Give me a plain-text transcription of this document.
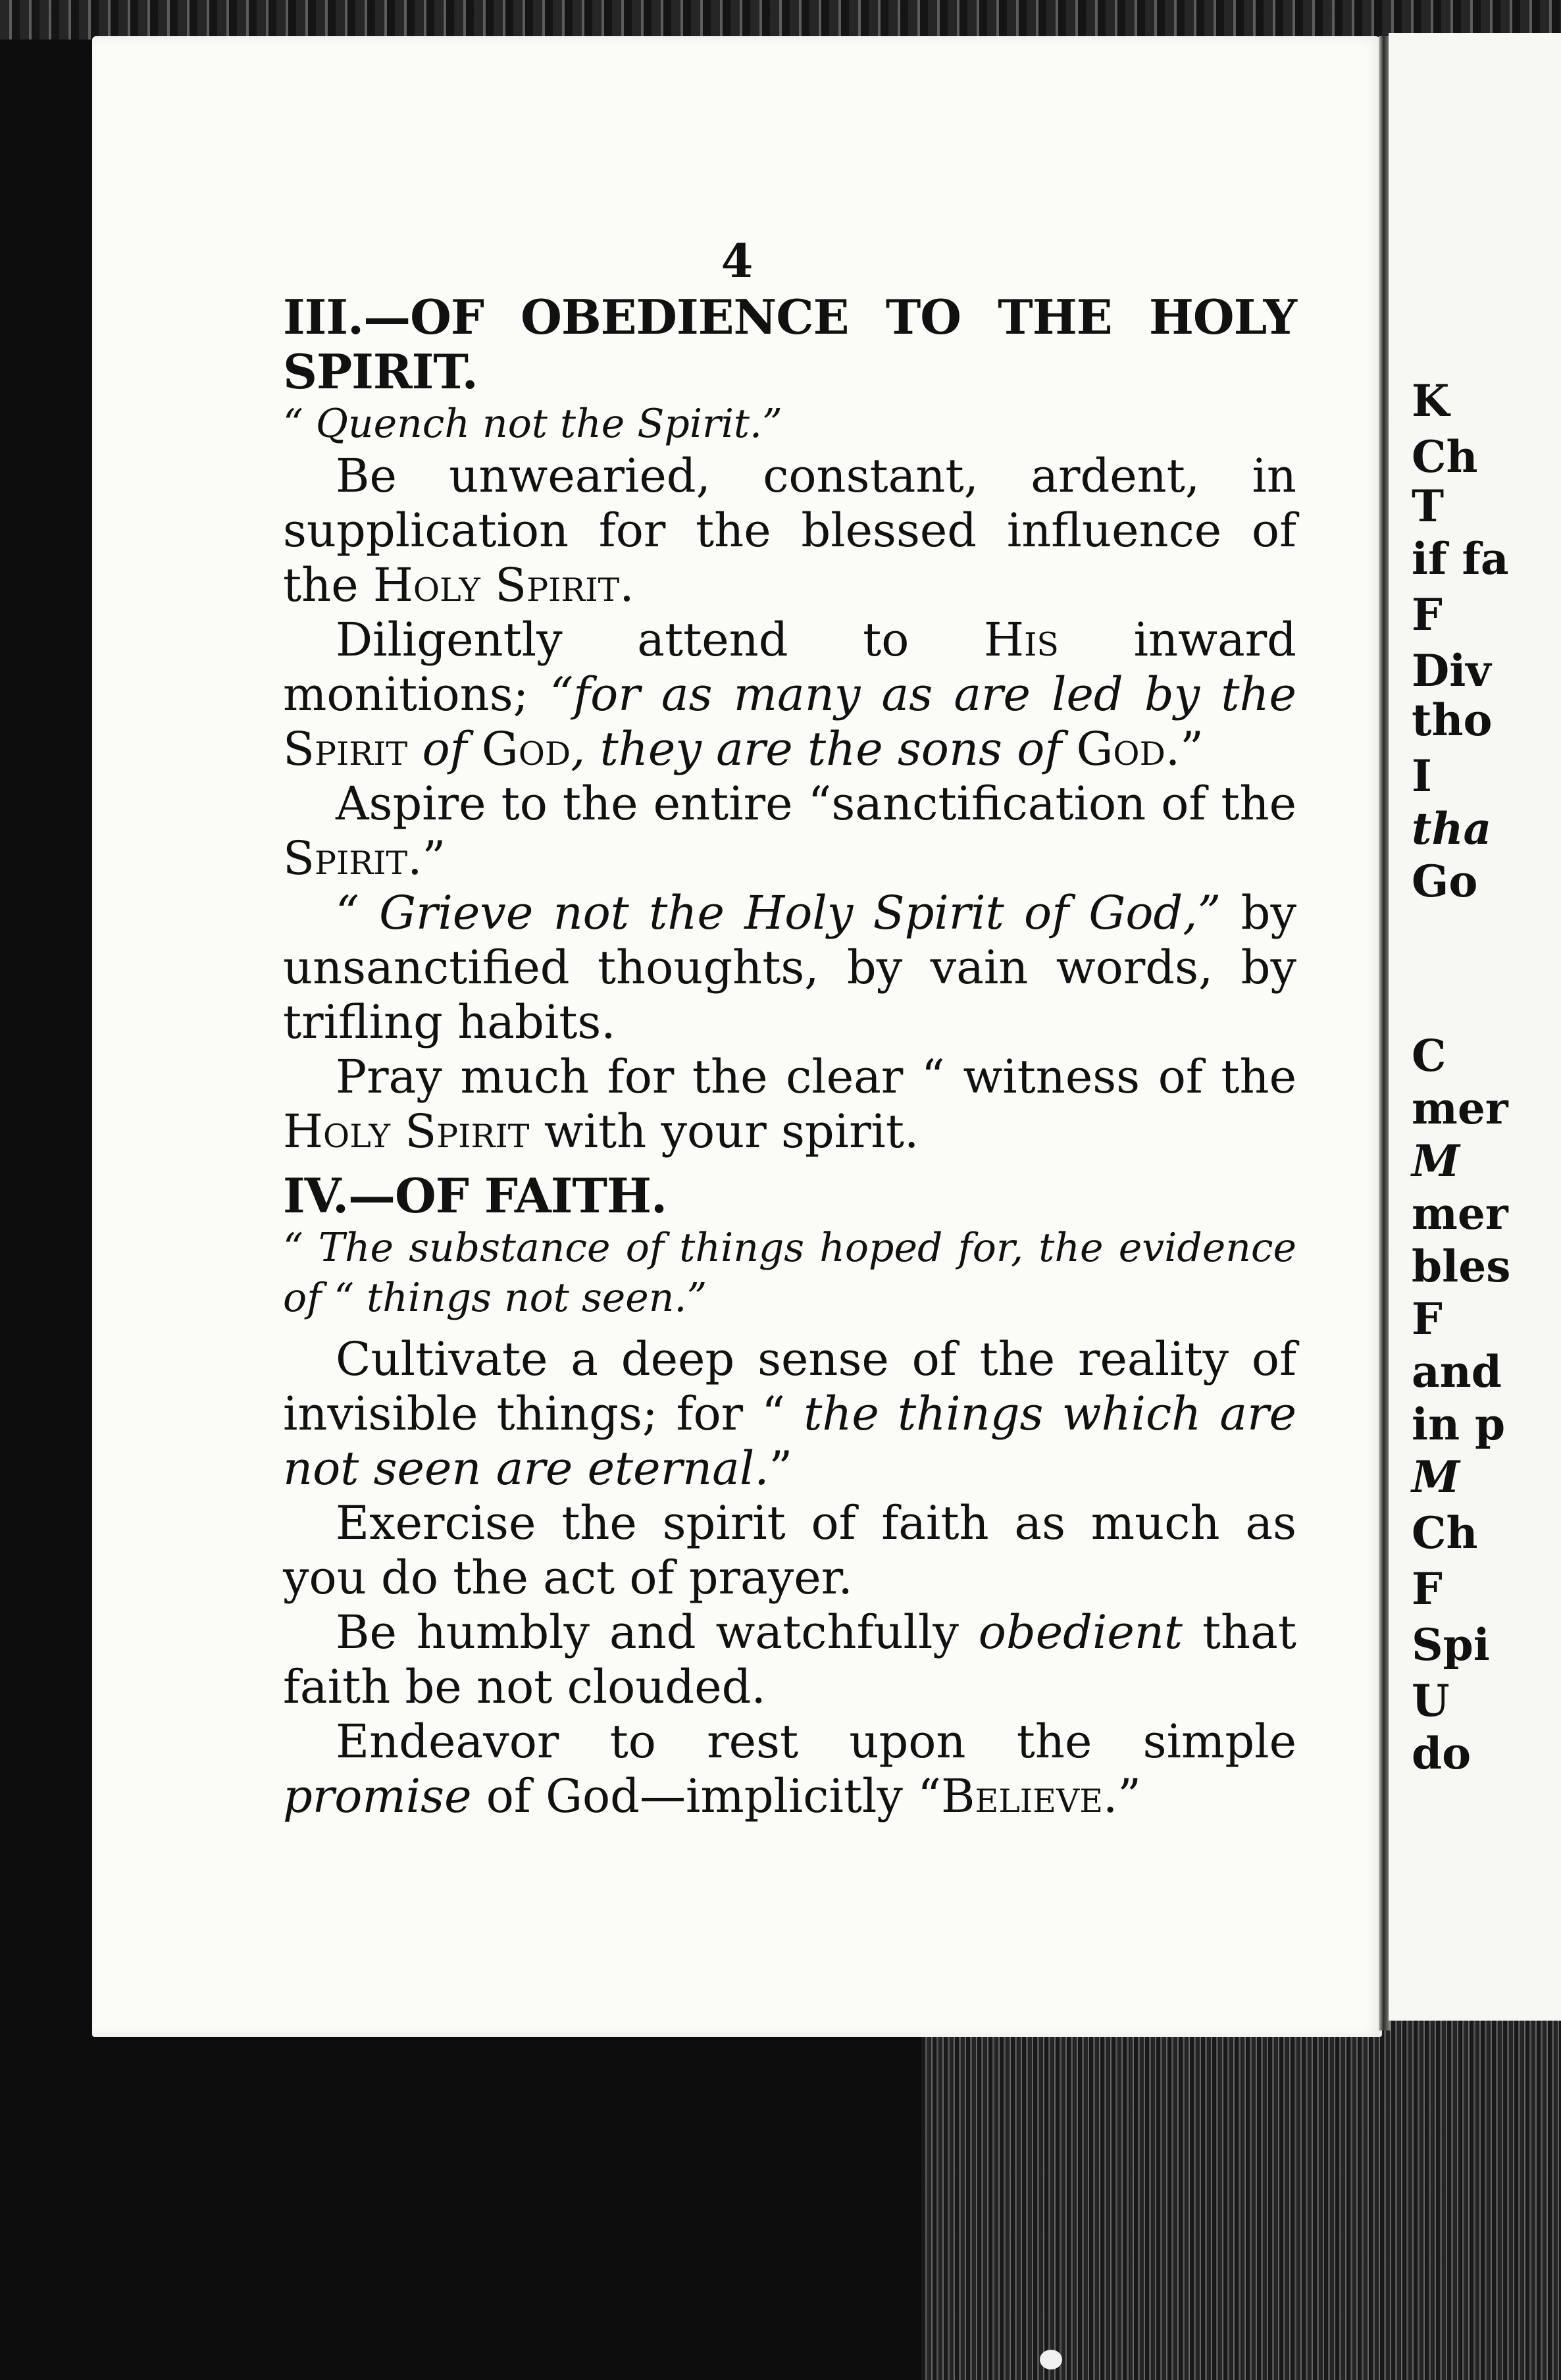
4

III.—OF OBEDIENCE TO THE HOLY SPIRIT.

“ Quench not the Spirit.”

Be unwearied, constant, ardent, in supplication for the blessed influence of the Holy Spirit.

Diligently attend to His inward monitions; “for as many as are led by the Spirit of God, they are the sons of God.”

Aspire to the entire “sanctification of the Spirit.”

“ Grieve not the Holy Spirit of God,” by unsanctified thoughts, by vain words, by trifling habits.

Pray much for the clear “ witness of the Holy Spirit with your spirit.

IV.—OF FAITH.

“ The substance of things hoped for, the evidence of “ things not seen.”

Cultivate a deep sense of the reality of invisible things; for “ the things which are not seen are eternal.”

Exercise the spirit of faith as much as you do the act of prayer.

Be humbly and watchfully obedient that faith be not clouded.

Endeavor to rest upon the simple promise of God—implicitly “Believe.”

K
Ch
T
if fa
F
Div
tho
I
tha
Go
C
mer
M
mer
bles
F
and
in p
M
Ch
F
Spi
U
do
